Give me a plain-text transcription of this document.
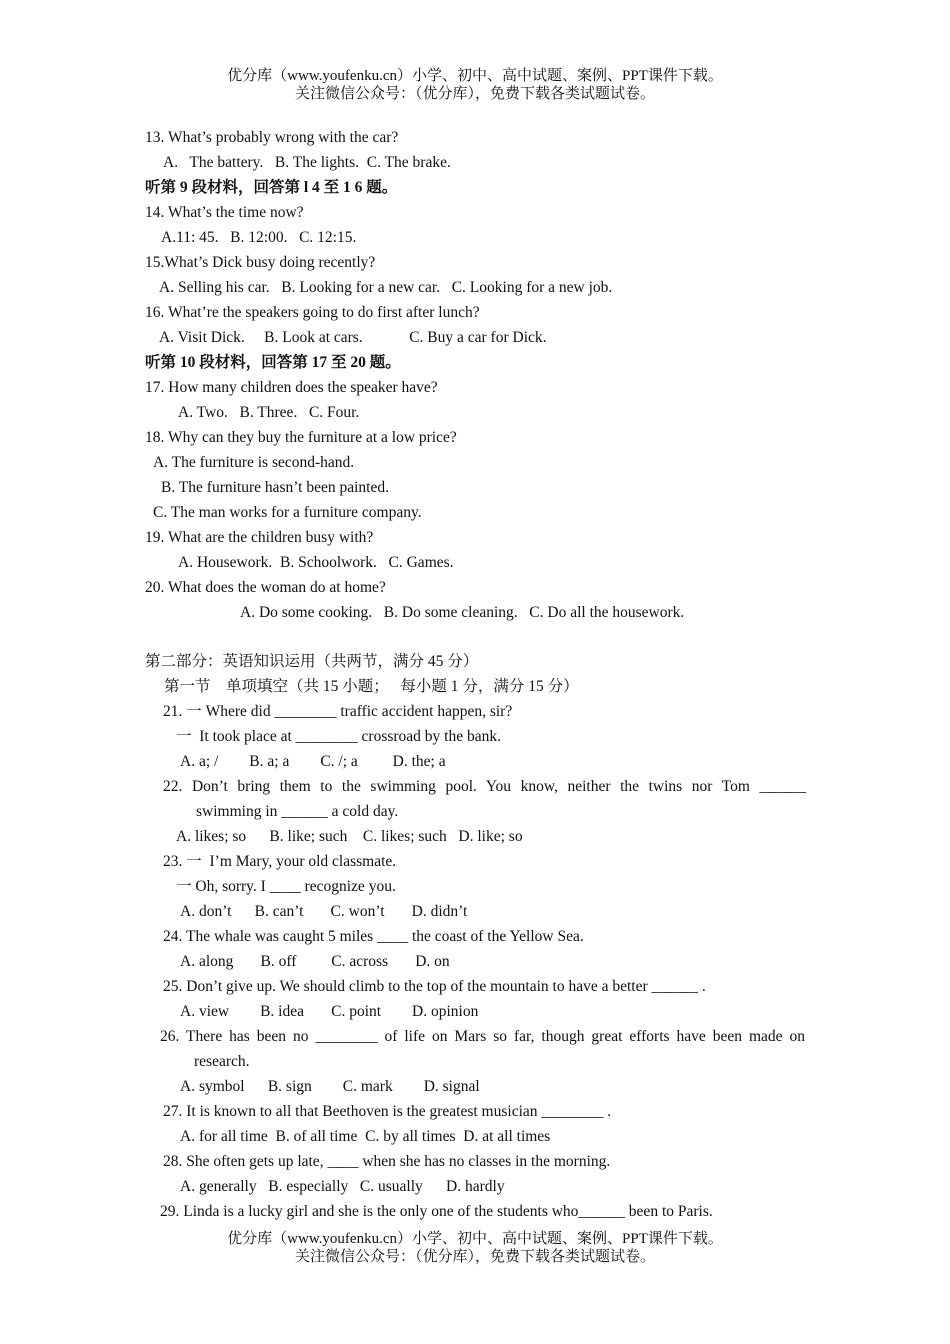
优分库（www.youfenku.cn）小学、初中、高中试题、案例、PPT课件下载。
关注微信公众号：（优分库），免费下载各类试题试卷。
13. What’s probably wrong with the car?
A.   The battery.   B. The lights.  C. The brake.
听第 9 段材料，回答第 l 4 至 1 6 题。
14. What’s the time now?
A.11: 45.   B. 12:00.   C. 12:15.
15.What’s Dick busy doing recently?
A. Selling his car.   B. Looking for a new car.   C. Looking for a new job.
16. What’re the speakers going to do first after lunch?
A. Visit Dick.     B. Look at cars.            C. Buy a car for Dick.
听第 10 段材料，回答第 17 至 20 题。
17. How many children does the speaker have?
A. Two.   B. Three.   C. Four.
18. Why can they buy the furniture at a low price?
A. The furniture is second-hand.
B. The furniture hasn’t been painted.
C. The man works for a furniture company.
19. What are the children busy with?
A. Housework.  B. Schoolwork.   C. Games.
20. What does the woman do at home?
A. Do some cooking.   B. Do some cleaning.   C. Do all the housework.
第二部分：英语知识运用（共两节，满分 45 分）
第一节    单项填空（共 15 小题；   每小题 1 分，满分 15 分）
21. 一 Where did ________ traffic accident happen, sir?
一  It took place at ________ crossroad by the bank.
A. a; /        B. a; a        C. /; a         D. the; a
22. Don’t bring them to the swimming pool. You know, neither the twins nor Tom ______
swimming in ______ a cold day.
A. likes; so      B. like; such    C. likes; such   D. like; so
23. 一  I’m Mary, your old classmate.
一 Oh, sorry. I ____ recognize you.
A. don’t      B. can’t       C. won’t       D. didn’t
24. The whale was caught 5 miles ____ the coast of the Yellow Sea.
A. along       B. off         C. across       D. on
25. Don’t give up. We should climb to the top of the mountain to have a better ______ .
A. view        B. idea       C. point        D. opinion
26. There has been no ________ of life on Mars so far, though great efforts have been made on
research.
A. symbol      B. sign        C. mark        D. signal
27. It is known to all that Beethoven is the greatest musician ________ .
A. for all time  B. of all time  C. by all times  D. at all times
28. She often gets up late, ____ when she has no classes in the morning.
A. generally   B. especially   C. usually      D. hardly
29. Linda is a lucky girl and she is the only one of the students who______ been to Paris.
优分库（www.youfenku.cn）小学、初中、高中试题、案例、PPT课件下载。
关注微信公众号：（优分库），免费下载各类试题试卷。
